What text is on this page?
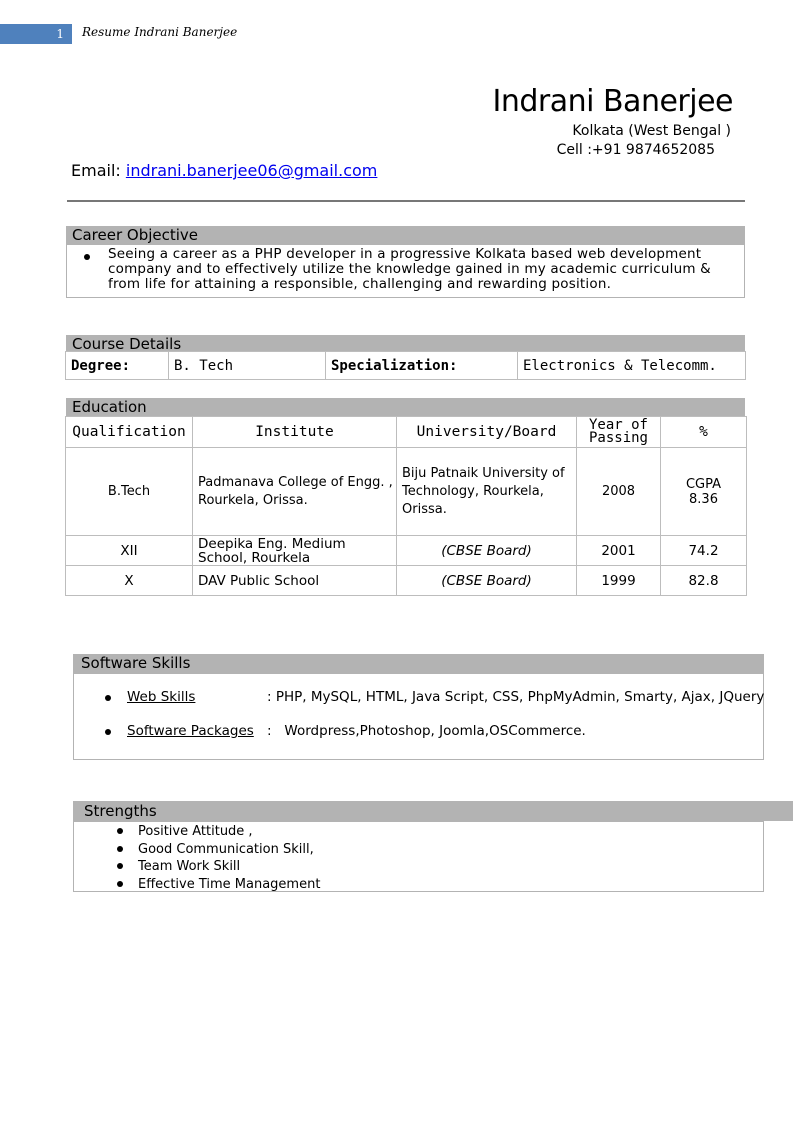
1 Resume Indrani Banerjee
Indrani Banerjee
Kolkata (West Bengal )
Cell :+91 9874652085
Email: indrani.banerjee06@gmail.com
Career Objective
Seeing a career as a PHP developer in a progressive Kolkata based web development company and to effectively utilize the knowledge gained in my academic curriculum & from life for attaining a responsible, challenging and rewarding position.
Course Details
Degree:	B. Tech	Specialization:	Electronics & Telecomm.
Education
Qualification	Institute	University/Board	Year of Passing	%
B.Tech	Padmanava College of Engg. , Rourkela, Orissa.	Biju Patnaik University of Technology, Rourkela, Orissa.	2008	CGPA 8.36
XII	Deepika Eng. Medium School, Rourkela	(CBSE Board)	2001	74.2
X	DAV Public School	(CBSE Board)	1999	82.8
Software Skills
Web Skills	: PHP, MySQL, HTML, Java Script, CSS, PhpMyAdmin, Smarty, Ajax, JQuery
Software Packages :   Wordpress,Photoshop, Joomla,OSCommerce.
Strengths
Positive Attitude ,
Good Communication Skill,
Team Work Skill
Effective Time Management
